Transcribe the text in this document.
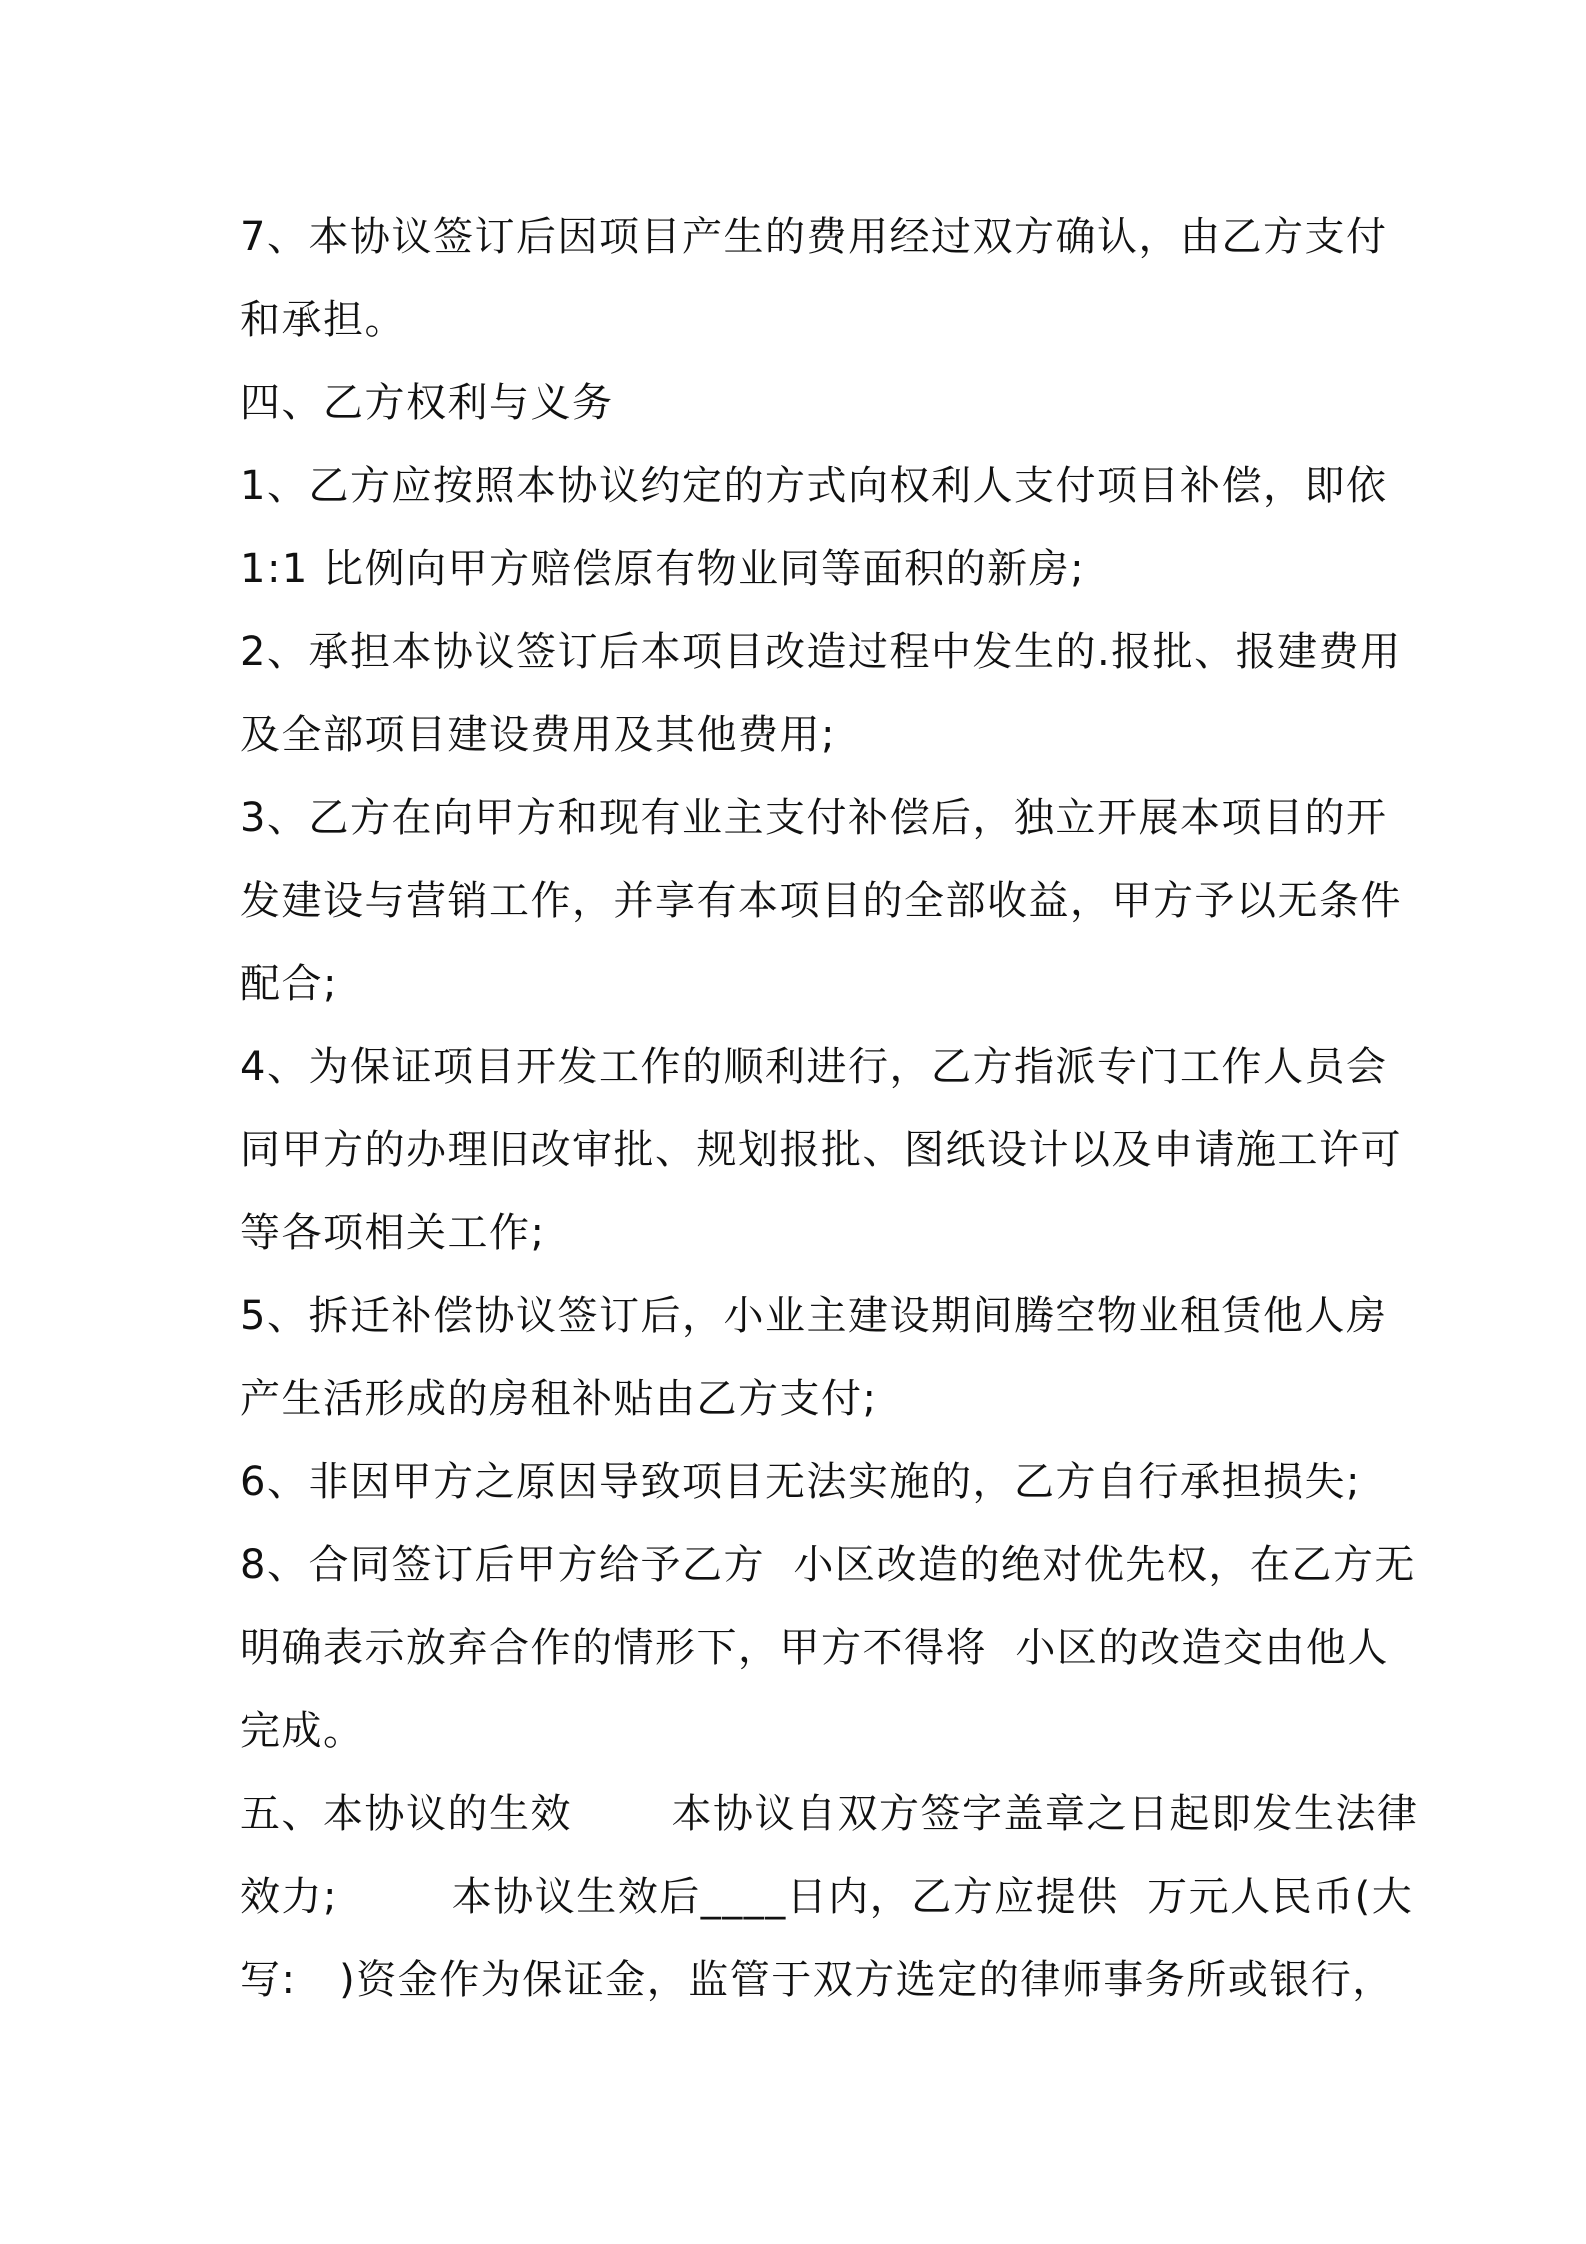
7、本协议签订后因项目产生的费用经过双方确认，由乙方支付
和承担。
四、乙方权利与义务
1、乙方应按照本协议约定的方式向权利人支付项目补偿，即依
1:1 比例向甲方赔偿原有物业同等面积的新房;
2、承担本协议签订后本项目改造过程中发生的.报批、报建费用
及全部项目建设费用及其他费用;
3、乙方在向甲方和现有业主支付补偿后，独立开展本项目的开
发建设与营销工作，并享有本项目的全部收益，甲方予以无条件
配合;
4、为保证项目开发工作的顺利进行，乙方指派专门工作人员会
同甲方的办理旧改审批、规划报批、图纸设计以及申请施工许可
等各项相关工作;
5、拆迁补偿协议签订后，小业主建设期间腾空物业租赁他人房
产生活形成的房租补贴由乙方支付;
6、非因甲方之原因导致项目无法实施的，乙方自行承担损失;
8、合同签订后甲方给予乙方  小区改造的绝对优先权，在乙方无
明确表示放弃合作的情形下，甲方不得将  小区的改造交由他人
完成。
五、本协议的生效       本协议自双方签字盖章之日起即发生法律
效力;        本协议生效后____日内，乙方应提供  万元人民币(大
写:   )资金作为保证金，监管于双方选定的律师事务所或银行，
